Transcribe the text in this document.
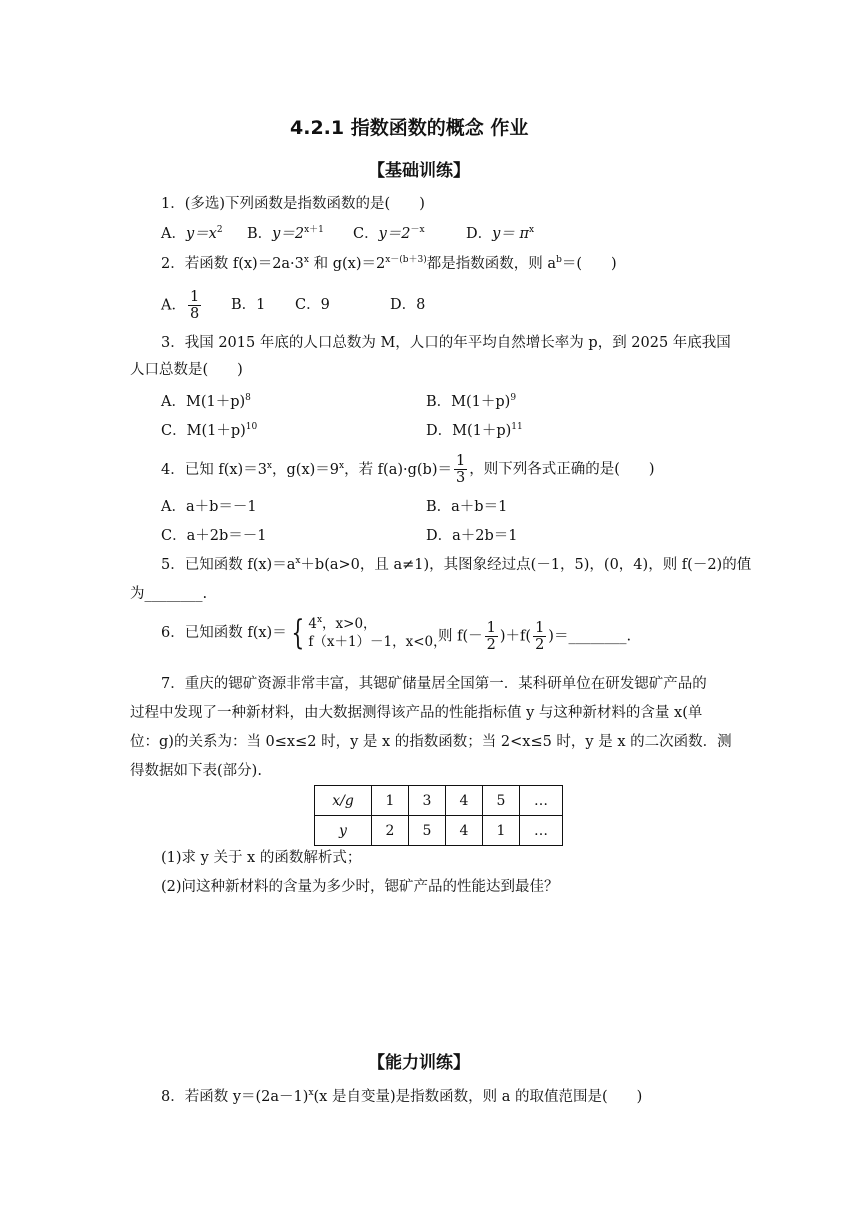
4.2.1 指数函数的概念 作业
【基础训练】
1．(多选)下列函数是指数函数的是(　　)
A．$y=x^2$ B．$y=2^{x+1}$ C．$y=2^{-x}$	D．$y= \pi^x$
2．若函数 $f(x)=2a\cdot 3^x$ 和 $g(x)=2^{x-(b+3)}$都是指数函数，则 $a^b=$(　　)
A． $\frac{1}{8}$ B．1 C．9	D．8
3．我国 2015 年底的人口总数为 M，人口的年平均自然增长率为 p，到 2025 年底我国
人口总数是(　　)
A．$M(1+p)^8$	B．$M(1+p)^9$
C．$M(1+p)^{10}$	D．$M(1+p)^{11}$
4．已知 $f(x)=3^x$，$g(x)=9^x$，若 $f(a)\cdot g(b)= \frac{1}{3}$ ，则下列各式正确的是(　　)
A．a＋b＝－1	B．a＋b＝1
C．a＋2b＝－1	D．a＋2b＝1
5．已知函数 $f(x)=a^x+b(a>0$，且 a≠1)，其图象经过点(－1，5)，(0，4)，则 f(－2)的值
为________.
6．已知函数 f(x)＝ { 4$^x$，x>0，
f（x＋1）－1，x<0，
则 $f(- \frac{1}{2} )+f( \frac{1}{2}$ )＝________.
7．重庆的锶矿资源非常丰富，其锶矿储量居全国第一．某科研单位在研发锶矿产品的
过程中发现了一种新材料，由大数据测得该产品的性能指标值 y 与这种新材料的含量 x(单
位：g)的关系为：当 0≤x≤2 时，y 是 x 的指数函数；当 2<x≤5 时，y 是 x 的二次函数．测
得数据如下表(部分).
x/g	1	3	4	5	…
y	2	5	4	1	…
(1)求 y 关于 x 的函数解析式；
(2)问这种新材料的含量为多少时，锶矿产品的性能达到最佳？
【能力训练】
8．若函数 $y=(2a-1)^x(x$ 是自变量)是指数函数，则 a 的取值范围是(　　)
